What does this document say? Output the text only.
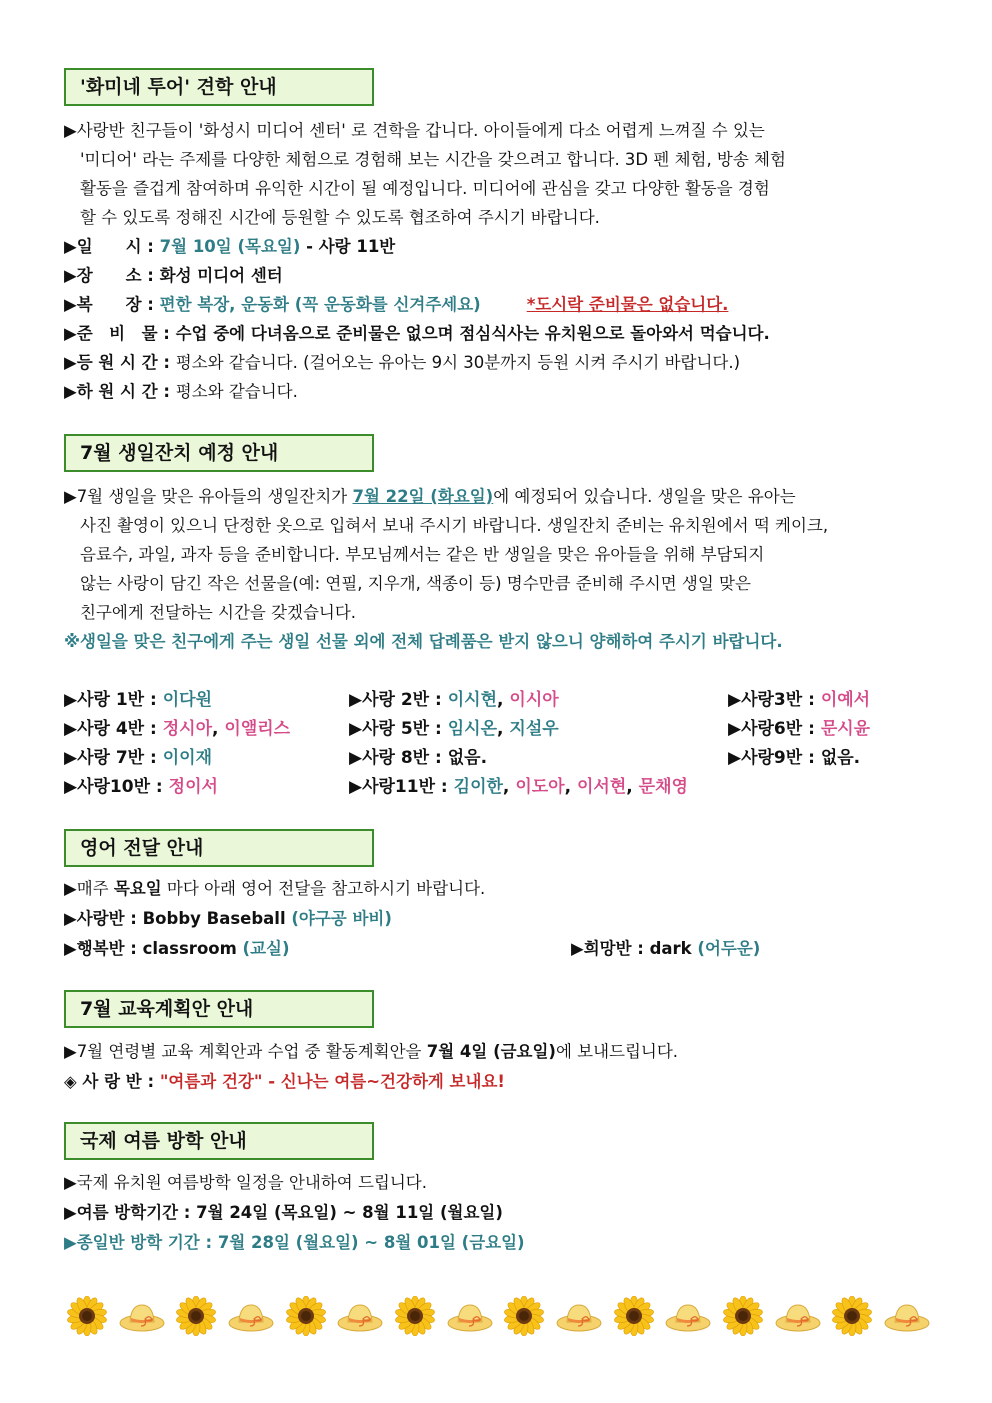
'화미네 투어' 견학 안내
▶사랑반 친구들이 '화성시 미디어 센터' 로 견학을 갑니다. 아이들에게 다소 어렵게 느껴질 수 있는
'미디어' 라는 주제를 다양한 체험으로 경험해 보는 시간을 갖으려고 합니다. 3D 펜 체험, 방송 체험
활동을 즐겁게 참여하며 유익한 시간이 될 예정입니다. 미디어에 관심을 갖고 다양한 활동을 경험
할 수 있도록 정해진 시간에 등원할 수 있도록 협조하여 주시기 바랍니다.
▶일　　시 : 7월 10일 (목요일) - 사랑 11반
▶장　　소 : 화성 미디어 센터
▶복　　장 : 편한 복장, 운동화 (꼭 운동화를 신겨주세요)	*도시락 준비물은 없습니다.
▶준　비　물 : 수업 중에 다녀옴으로 준비물은 없으며 점심식사는 유치원으로 돌아와서 먹습니다.
▶등 원 시 간 : 평소와 같습니다. (걸어오는 유아는 9시 30분까지 등원 시켜 주시기 바랍니다.)
▶하 원 시 간 : 평소와 같습니다.
7월 생일잔치 예정 안내
▶7월 생일을 맞은 유아들의 생일잔치가 7월 22일 (화요일)에 예정되어 있습니다. 생일을 맞은 유아는
사진 촬영이 있으니 단정한 옷으로 입혀서 보내 주시기 바랍니다. 생일잔치 준비는 유치원에서 떡 케이크,
음료수, 과일, 과자 등을 준비합니다. 부모님께서는 같은 반 생일을 맞은 유아들을 위해 부담되지
않는 사랑이 담긴 작은 선물을(예: 연필, 지우개, 색종이 등) 명수만큼 준비해 주시면 생일 맞은
친구에게 전달하는 시간을 갖겠습니다.
※생일을 맞은 친구에게 주는 생일 선물 외에 전체 답례품은 받지 않으니 양해하여 주시기 바랍니다.
▶사랑 1반 : 이다원	▶사랑 2반 : 이시현, 이시아	▶사랑3반 : 이예서
▶사랑 4반 : 정시아, 이앨리스	▶사랑 5반 : 임시온, 지설우	▶사랑6반 : 문시윤
▶사랑 7반 : 이이재	▶사랑 8반 : 없음.	▶사랑9반 : 없음.
▶사랑10반 : 정이서	▶사랑11반 : 김이한, 이도아, 이서현, 문채영
영어 전달 안내
▶매주 목요일 마다 아래 영어 전달을 참고하시기 바랍니다.
▶사랑반 : Bobby Baseball (야구공 바비)
▶행복반 : classroom (교실)	▶희망반 : dark (어두운)
7월 교육계획안 안내
▶7월 연령별 교육 계획안과 수업 중 활동계획안을 7월 4일 (금요일)에 보내드립니다.
◈ 사 랑 반 : "여름과 건강" - 신나는 여름~건강하게 보내요!
국제 여름 방학 안내
▶국제 유치원 여름방학 일정을 안내하여 드립니다.
▶여름 방학기간 : 7월 24일 (목요일) ~ 8월 11일 (월요일)
▶종일반 방학 기간 : 7월 28일 (월요일) ~ 8월 01일 (금요일)
